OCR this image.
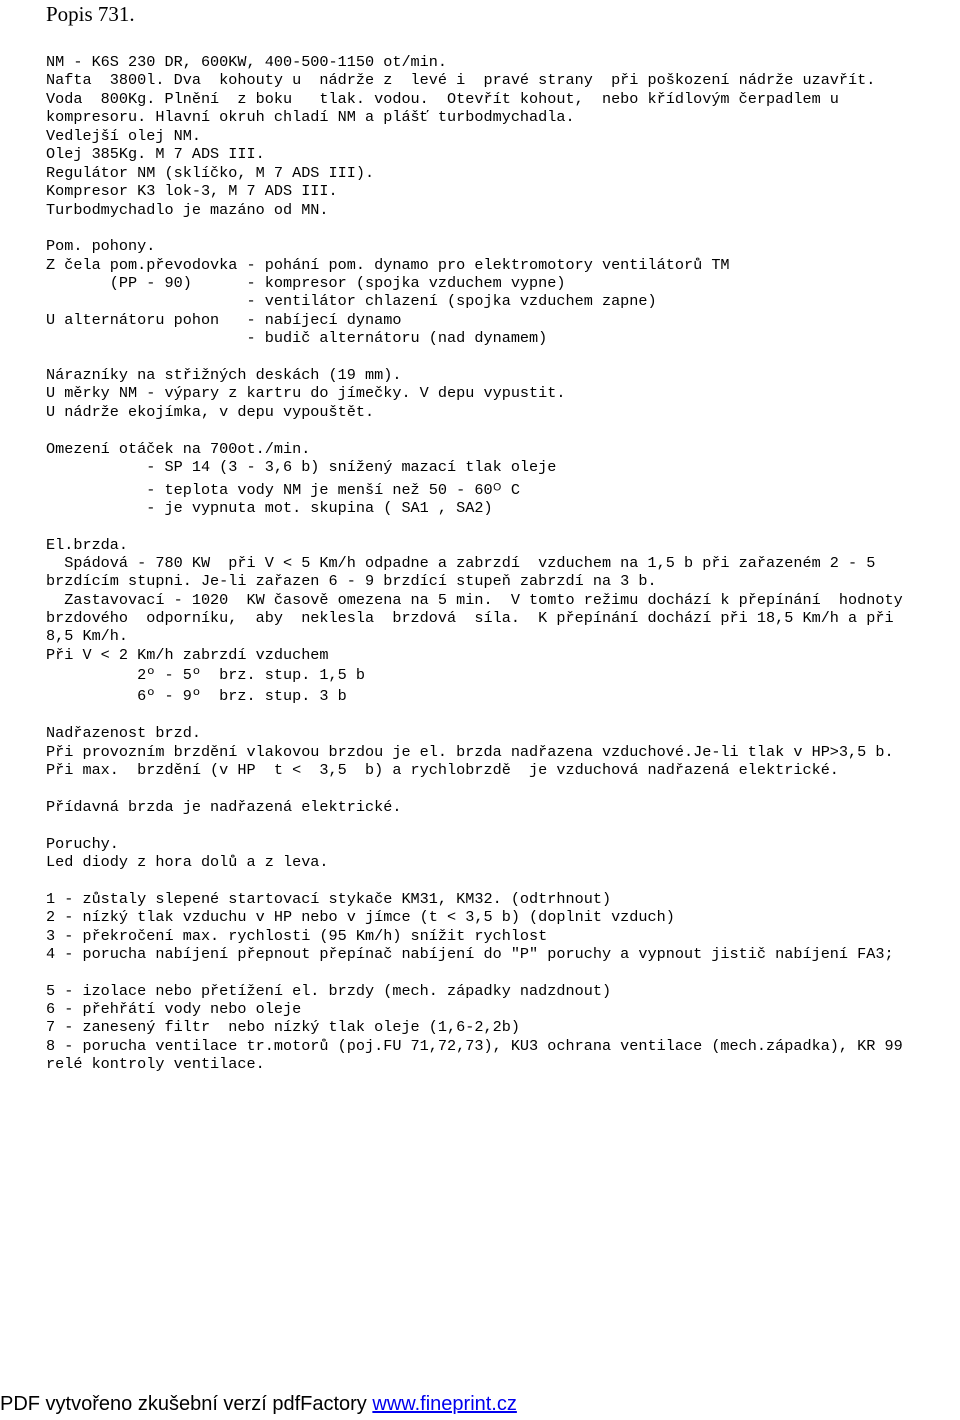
Popis 731.
NM - K6S 230 DR, 600KW, 400-500-1150 ot/min.
Nafta  3800l. Dva  kohouty u  nádrže z  levé i  pravé strany  při poškození nádrže uzavřít.
Voda  800Kg. Plnění  z boku   tlak. vodou.  Otevřít kohout,  nebo křídlovým čerpadlem u
kompresoru. Hlavní okruh chladí NM a plášť turbodmychadla.
Vedlejší olej NM.
Olej 385Kg. M 7 ADS III.
Regulátor NM (sklíčko, M 7 ADS III).
Kompresor K3 lok-3, M 7 ADS III.
Turbodmychadlo je mazáno od MN.
Pom. pohony.
Z čela pom.převodovka - pohání pom. dynamo pro elektromotory ventilátorů TM
(PP - 90)      - kompresor (spojka vzduchem vypne)
- ventilátor chlazení (spojka vzduchem zapne)
U alternátoru pohon   - nabíjecí dynamo
- budič alternátoru (nad dynamem)
Nárazníky na střižných deskách (19 mm).
U měrky NM - výpary z kartru do jímečky. V depu vypustit.
U nádrže ekojímka, v depu vypouštět.
Omezení otáček na 700ot./min.
- SP 14 (3 - 3,6 b) snížený mazací tlak oleje
- teplota vody NM je menší než 50 - 60ᴼ C
- je vypnuta mot. skupina ( SA1 , SA2)
El.brzda.
Spádová - 780 KW  při V < 5 Km/h odpadne a zabrzdí  vzduchem na 1,5 b při zařazeném 2 - 5
brzdícím stupni. Je-li zařazen 6 - 9 brzdící stupeň zabrzdí na 3 b.
Zastavovací - 1020  KW časově omezena na 5 min.  V tomto režimu dochází k přepínání  hodnoty
brzdového  odporníku,  aby  neklesla  brzdová  síla.  K přepínání dochází při 18,5 Km/h a při
8,5 Km/h.
Při V < 2 Km/h zabrzdí vzduchem
2º - 5º  brz. stup. 1,5 b
6º - 9º  brz. stup. 3 b
Nadřazenost brzd.
Při provozním brzdění vlakovou brzdou je el. brzda nadřazena vzduchové.Je-li tlak v HP>3,5 b.
Při max.  brzdění (v HP  t <  3,5  b) a rychlobrzdě  je vzduchová nadřazená elektrické.
Přídavná brzda je nadřazená elektrické.
Poruchy.
Led diody z hora dolů a z leva.
1 - zůstaly slepené startovací stykače KM31, KM32. (odtrhnout)
2 - nízký tlak vzduchu v HP nebo v jímce (t < 3,5 b) (doplnit vzduch)
3 - překročení max. rychlosti (95 Km/h) snížit rychlost
4 - porucha nabíjení přepnout přepínač nabíjení do "P" poruchy a vypnout jistič nabíjení FA3;
5 - izolace nebo přetížení el. brzdy (mech. západky nadzdnout)
6 - přehřátí vody nebo oleje
7 - zanesený filtr  nebo nízký tlak oleje (1,6-2,2b)
8 - porucha ventilace tr.motorů (poj.FU 71,72,73), KU3 ochrana ventilace (mech.západka), KR 99
relé kontroly ventilace.
PDF vytvořeno zkušební verzí pdfFactory www.fineprint.cz
